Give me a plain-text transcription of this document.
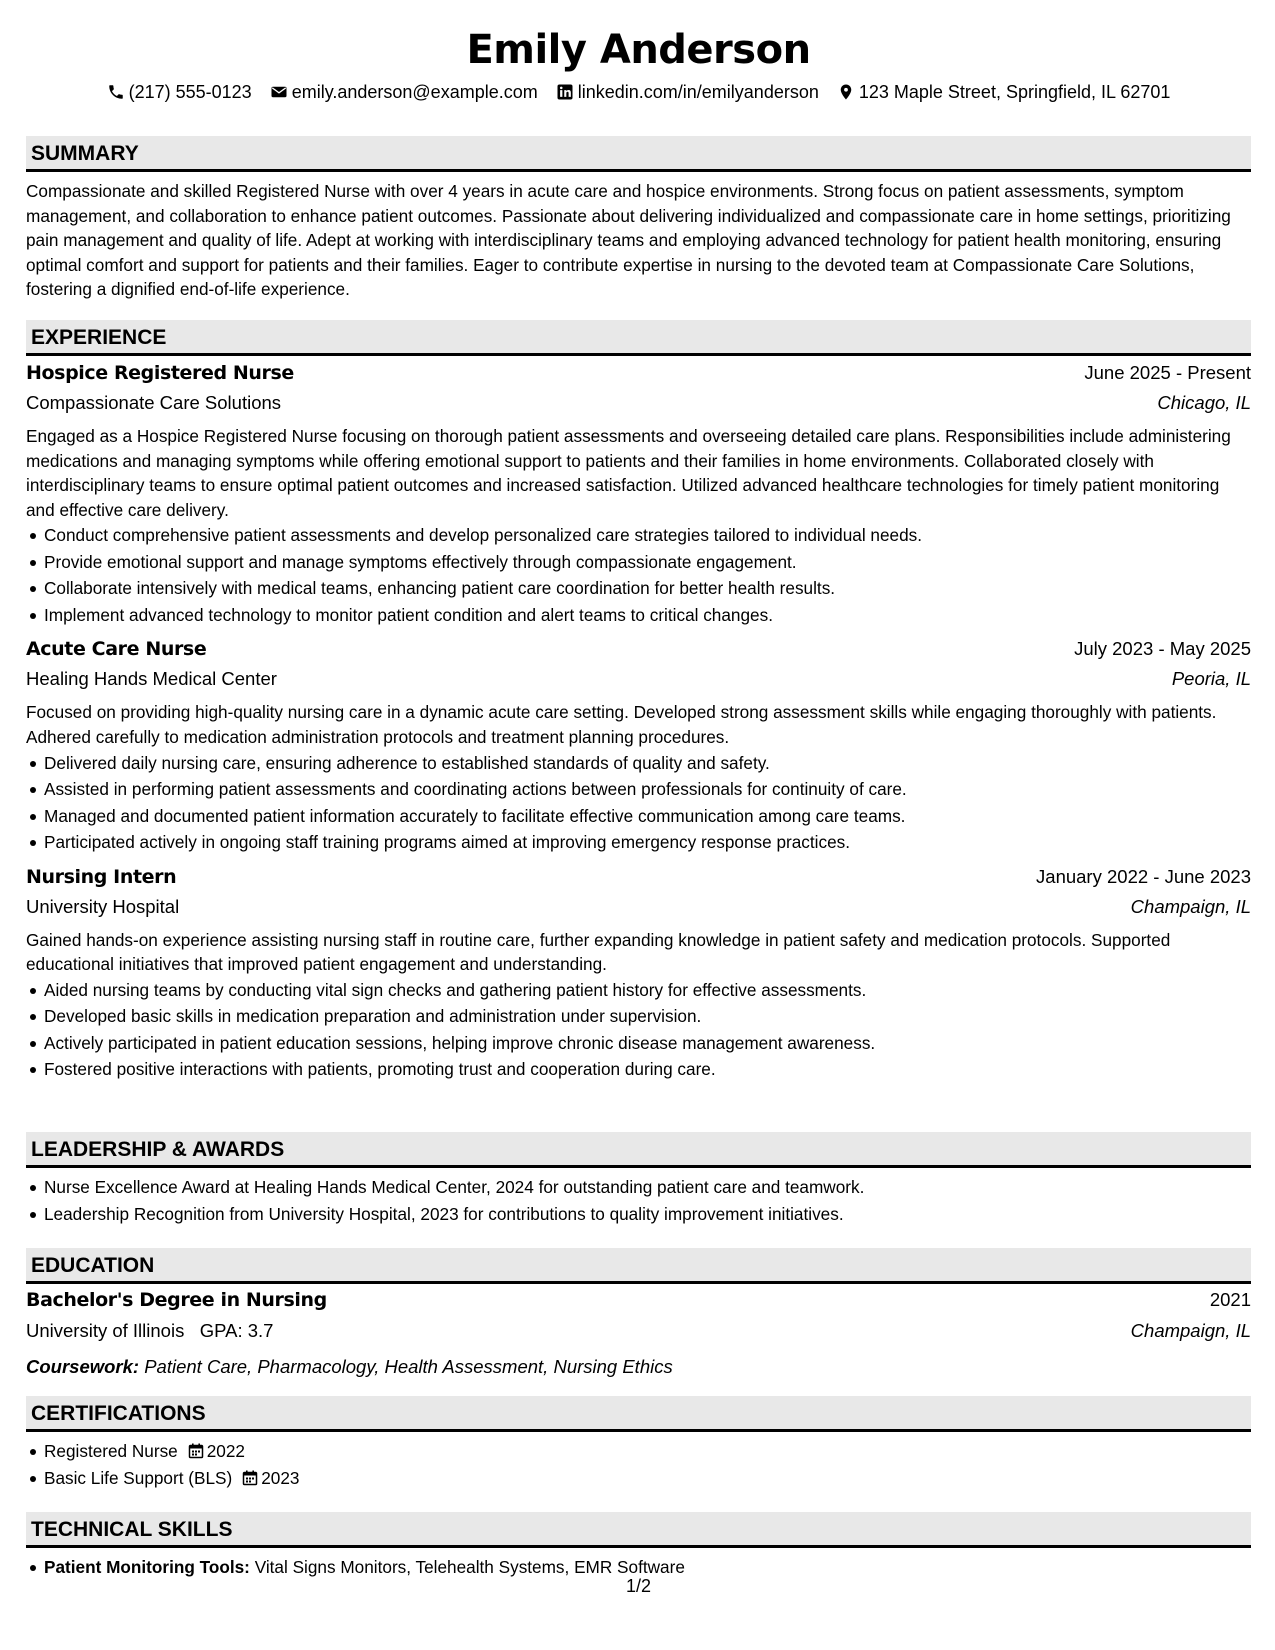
Emily Anderson
(217) 555-0123 emily.anderson@example.com linkedin.com/in/emilyanderson 123 Maple Street, Springfield, IL 62701
SUMMARY
Compassionate and skilled Registered Nurse with over 4 years in acute care and hospice environments. Strong focus on patient assessments, symptom management, and collaboration to enhance patient outcomes. Passionate about delivering individualized and compassionate care in home settings, prioritizing pain management and quality of life. Adept at working with interdisciplinary teams and employing advanced technology for patient health monitoring, ensuring optimal comfort and support for patients and their families. Eager to contribute expertise in nursing to the devoted team at Compassionate Care Solutions, fostering a dignified end-of-life experience.
EXPERIENCE
Hospice Registered Nurse	June 2025 - Present
Compassionate Care Solutions	Chicago, IL
Engaged as a Hospice Registered Nurse focusing on thorough patient assessments and overseeing detailed care plans. Responsibilities include administering medications and managing symptoms while offering emotional support to patients and their families in home environments. Collaborated closely with interdisciplinary teams to ensure optimal patient outcomes and increased satisfaction. Utilized advanced healthcare technologies for timely patient monitoring and effective care delivery.
Conduct comprehensive patient assessments and develop personalized care strategies tailored to individual needs.
Provide emotional support and manage symptoms effectively through compassionate engagement.
Collaborate intensively with medical teams, enhancing patient care coordination for better health results.
Implement advanced technology to monitor patient condition and alert teams to critical changes.
Acute Care Nurse	July 2023 - May 2025
Healing Hands Medical Center	Peoria, IL
Focused on providing high-quality nursing care in a dynamic acute care setting. Developed strong assessment skills while engaging thoroughly with patients. Adhered carefully to medication administration protocols and treatment planning procedures.
Delivered daily nursing care, ensuring adherence to established standards of quality and safety.
Assisted in performing patient assessments and coordinating actions between professionals for continuity of care.
Managed and documented patient information accurately to facilitate effective communication among care teams.
Participated actively in ongoing staff training programs aimed at improving emergency response practices.
Nursing Intern	January 2022 - June 2023
University Hospital	Champaign, IL
Gained hands-on experience assisting nursing staff in routine care, further expanding knowledge in patient safety and medication protocols. Supported educational initiatives that improved patient engagement and understanding.
Aided nursing teams by conducting vital sign checks and gathering patient history for effective assessments.
Developed basic skills in medication preparation and administration under supervision.
Actively participated in patient education sessions, helping improve chronic disease management awareness.
Fostered positive interactions with patients, promoting trust and cooperation during care.
LEADERSHIP & AWARDS
Nurse Excellence Award at Healing Hands Medical Center, 2024 for outstanding patient care and teamwork.
Leadership Recognition from University Hospital, 2023 for contributions to quality improvement initiatives.
EDUCATION
Bachelor's Degree in Nursing	2021
University of Illinois GPA: 3.7	Champaign, IL
Coursework: Patient Care, Pharmacology, Health Assessment, Nursing Ethics
CERTIFICATIONS
Registered Nurse 2022
Basic Life Support (BLS) 2023
TECHNICAL SKILLS
Patient Monitoring Tools: Vital Signs Monitors, Telehealth Systems, EMR Software
1/2
